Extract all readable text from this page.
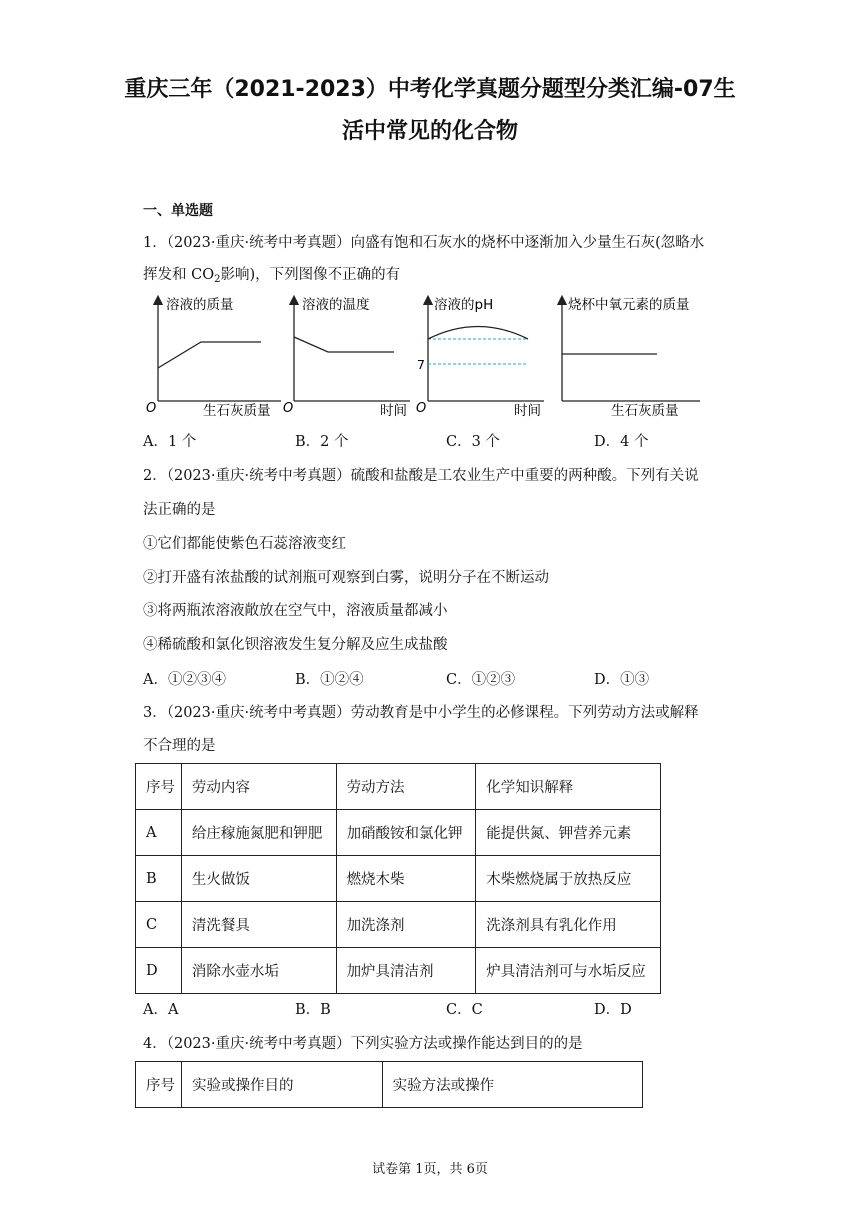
重庆三年（2021-2023）中考化学真题分题型分类汇编-07生
活中常见的化合物
一、单选题
1．（2023·重庆·统考中考真题）向盛有饱和石灰水的烧杯中逐渐加入少量生石灰(忽略水
挥发和 $CO_2$影响)，下列图像不正确的有
溶液的质量
O	生石灰质量
溶液的温度
O	时间
溶液的pH
7
O	时间
烧杯中氧元素的质量
生石灰质量
A．1 个	B．2 个	C．3 个	D．4 个
2．（2023·重庆·统考中考真题）硫酸和盐酸是工农业生产中重要的两种酸。下列有关说
法正确的是
①它们都能使紫色石蕊溶液变红
②打开盛有浓盐酸的试剂瓶可观察到白雾，说明分子在不断运动
③将两瓶浓溶液敞放在空气中，溶液质量都减小
④稀硫酸和氯化钡溶液发生复分解及应生成盐酸
A．①②③④	B．①②④	C．①②③	D．①③
3．（2023·重庆·统考中考真题）劳动教育是中小学生的必修课程。下列劳动方法或解释
不合理的是
序号	劳动内容	劳动方法	化学知识解释
A	给庄稼施氮肥和钾肥	加硝酸铵和氯化钾	能提供氮、钾营养元素
B	生火做饭	燃烧木柴	木柴燃烧属于放热反应
C	清洗餐具	加洗涤剂	洗涤剂具有乳化作用
D	消除水壶水垢	加炉具清洁剂	炉具清洁剂可与水垢反应
A．A	B．B	C．C	D．D
4．（2023·重庆·统考中考真题）下列实验方法或操作能达到目的的是
序号	实验或操作目的	实验方法或操作
试卷第 1页，共 6页
